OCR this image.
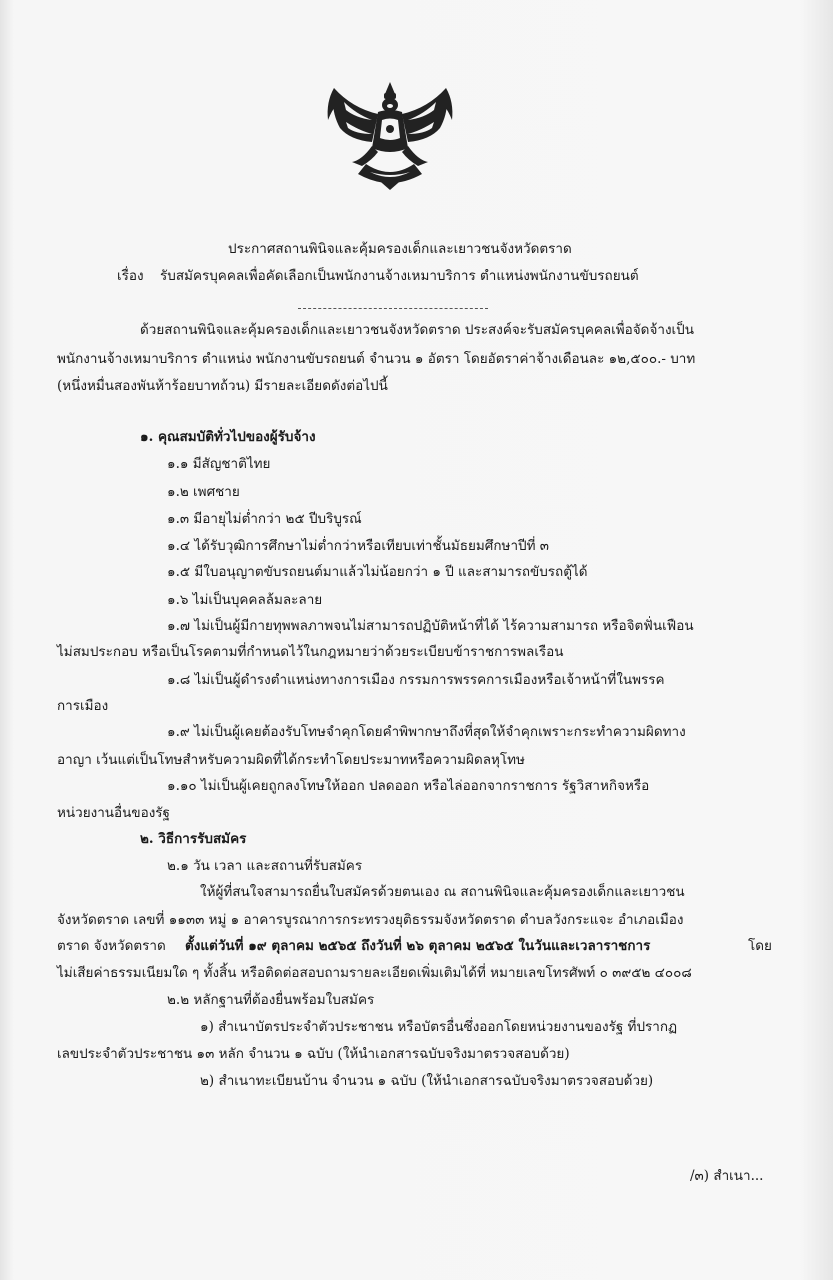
ประกาศสถานพินิจและคุ้มครองเด็กและเยาวชนจังหวัดตราด
เรื่อง รับสมัครบุคคลเพื่อคัดเลือกเป็นพนักงานจ้างเหมาบริการ ตำแหน่งพนักงานขับรถยนต์
ด้วยสถานพินิจและคุ้มครองเด็กและเยาวชนจังหวัดตราด ประสงค์จะรับสมัครบุคคลเพื่อจัดจ้างเป็น
พนักงานจ้างเหมาบริการ ตำแหน่ง พนักงานขับรถยนต์ จำนวน ๑ อัตรา โดยอัตราค่าจ้างเดือนละ ๑๒,๕๐๐.- บาท
(หนึ่งหมื่นสองพันห้าร้อยบาทถ้วน) มีรายละเอียดดังต่อไปนี้
๑. คุณสมบัติทั่วไปของผู้รับจ้าง
๑.๑ มีสัญชาติไทย
๑.๒ เพศชาย
๑.๓ มีอายุไม่ต่ำกว่า ๒๕ ปีบริบูรณ์
๑.๔ ได้รับวุฒิการศึกษาไม่ต่ำกว่าหรือเทียบเท่าชั้นมัธยมศึกษาปีที่ ๓
๑.๕ มีใบอนุญาตขับรถยนต์มาแล้วไม่น้อยกว่า ๑ ปี และสามารถขับรถตู้ได้
๑.๖ ไม่เป็นบุคคลล้มละลาย
๑.๗ ไม่เป็นผู้มีกายทุพพลภาพจนไม่สามารถปฏิบัติหน้าที่ได้ ไร้ความสามารถ หรือจิตฟั่นเฟือน
ไม่สมประกอบ หรือเป็นโรคตามที่กำหนดไว้ในกฎหมายว่าด้วยระเบียบข้าราชการพลเรือน
๑.๘ ไม่เป็นผู้ดำรงตำแหน่งทางการเมือง กรรมการพรรคการเมืองหรือเจ้าหน้าที่ในพรรค
การเมือง
๑.๙ ไม่เป็นผู้เคยต้องรับโทษจำคุกโดยคำพิพากษาถึงที่สุดให้จำคุกเพราะกระทำความผิดทาง
อาญา เว้นแต่เป็นโทษสำหรับความผิดที่ได้กระทำโดยประมาทหรือความผิดลหุโทษ
๑.๑๐ ไม่เป็นผู้เคยถูกลงโทษให้ออก ปลดออก หรือไล่ออกจากราชการ รัฐวิสาหกิจหรือ
หน่วยงานอื่นของรัฐ
๒. วิธีการรับสมัคร
๒.๑ วัน เวลา และสถานที่รับสมัคร
ให้ผู้ที่สนใจสามารถยื่นใบสมัครด้วยตนเอง ณ สถานพินิจและคุ้มครองเด็กและเยาวชน
จังหวัดตราด เลขที่ ๑๑๓๓ หมู่ ๑ อาคารบูรณาการกระทรวงยุติธรรมจังหวัดตราด ตำบลวังกระแจะ อำเภอเมือง
ตราด จังหวัดตราด ตั้งแต่วันที่ ๑๙ ตุลาคม ๒๕๖๕ ถึงวันที่ ๒๖ ตุลาคม ๒๕๖๕ ในวันและเวลาราชการ	โดย
ไม่เสียค่าธรรมเนียมใด ๆ ทั้งสิ้น หรือติดต่อสอบถามรายละเอียดเพิ่มเติมได้ที่ หมายเลขโทรศัพท์ ๐ ๓๙๕๒ ๔๐๐๘
๒.๒ หลักฐานที่ต้องยื่นพร้อมใบสมัคร
๑) สำเนาบัตรประจำตัวประชาชน หรือบัตรอื่นซึ่งออกโดยหน่วยงานของรัฐ ที่ปรากฏ
เลขประจำตัวประชาชน ๑๓ หลัก จำนวน ๑ ฉบับ (ให้นำเอกสารฉบับจริงมาตรวจสอบด้วย)
๒) สำเนาทะเบียนบ้าน จำนวน ๑ ฉบับ (ให้นำเอกสารฉบับจริงมาตรวจสอบด้วย)
/๓) สำเนา...
